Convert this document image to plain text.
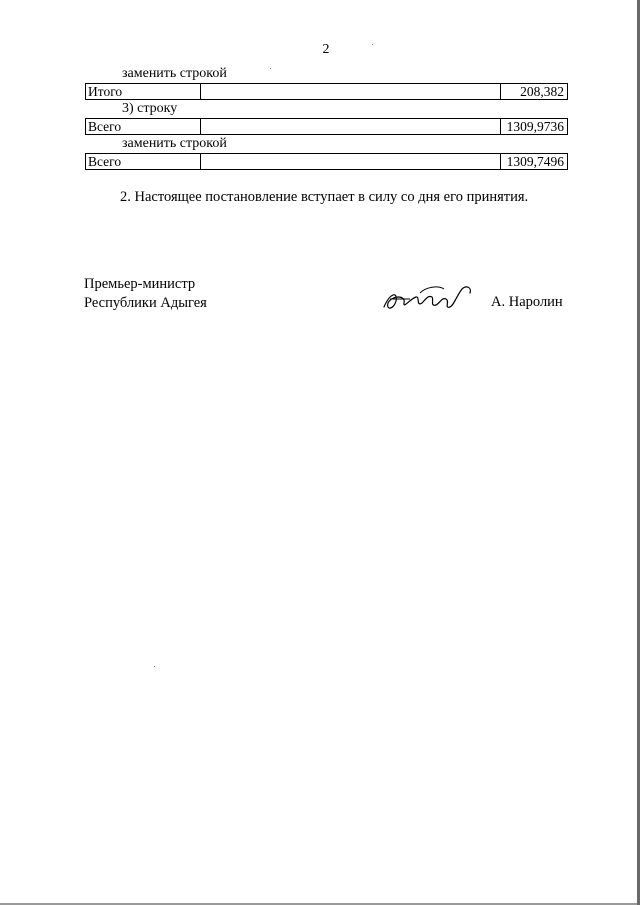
2
заменить строкой
Итого	208,382
3) строку
Всего	1309,9736
заменить строкой
Всего	1309,7496
2. Настоящее постановление вступает в силу со дня его принятия.
Премьер-министр
Республики Адыгея	А. Наролин
